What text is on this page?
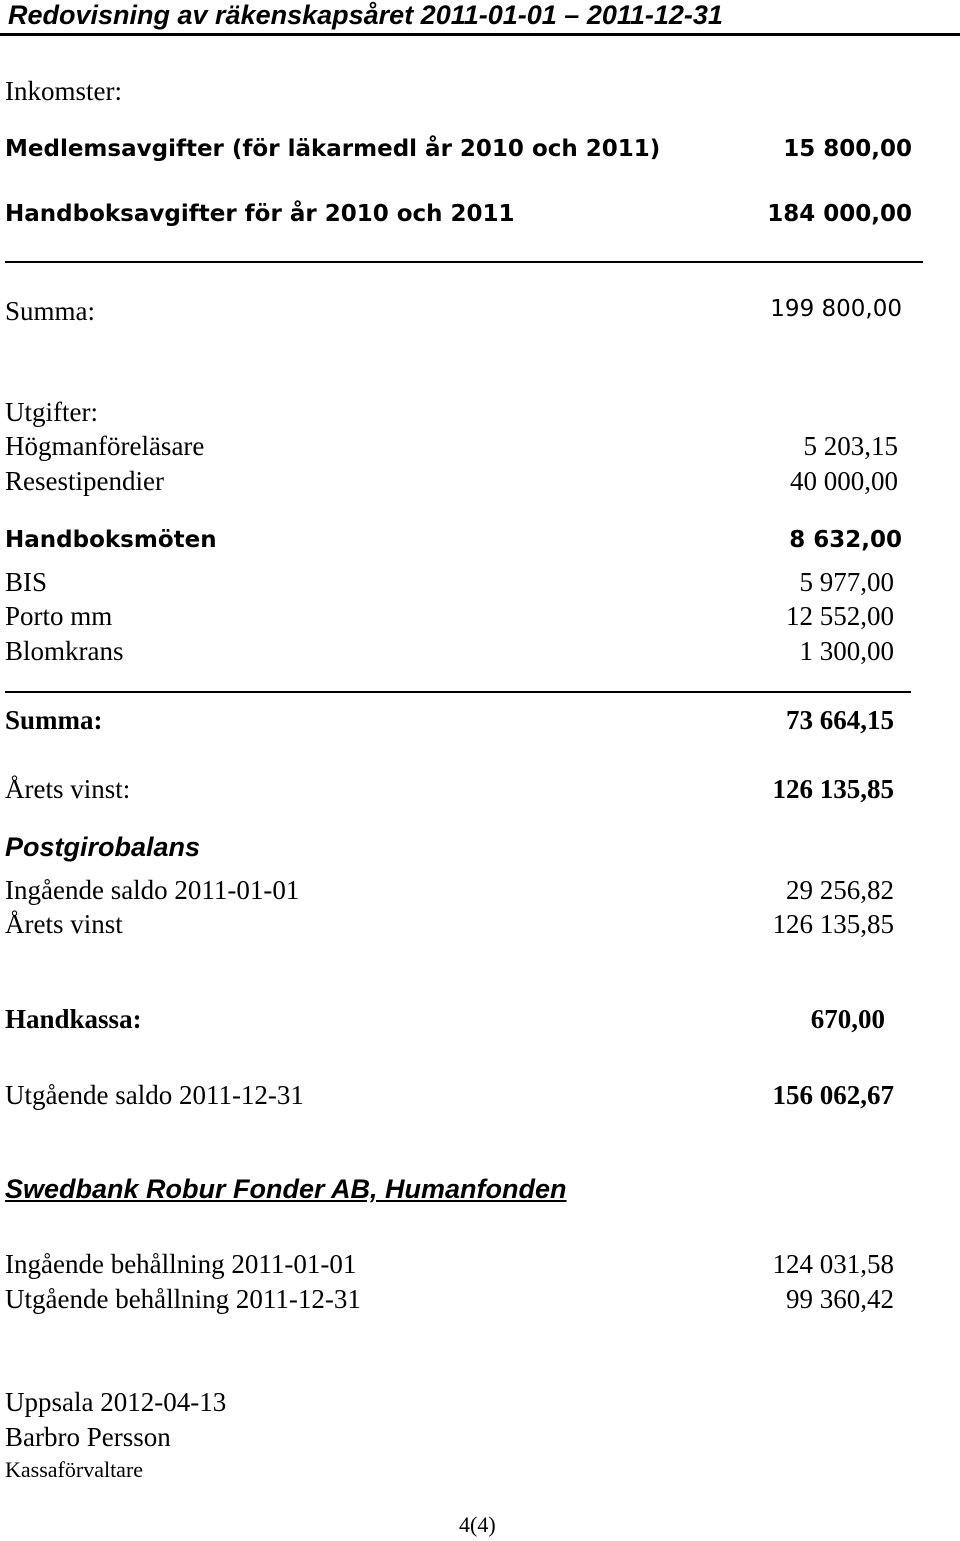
Redovisning av räkenskapsåret 2011-01-01 – 2011-12-31
Inkomster:
Medlemsavgifter (för läkarmedl år 2010 och 2011)	15 800,00
Handboksavgifter för år 2010 och 2011	184 000,00
Summa:	199 800,00
Utgifter:
Högmanföreläsare	5 203,15
Resestipendier	40 000,00
Handboksmöten	8 632,00
BIS	5 977,00
Porto mm	12 552,00
Blomkrans	1 300,00
Summa:	73 664,15
Årets vinst:	126 135,85
Postgirobalans
Ingående saldo 2011-01-01	29 256,82
Årets vinst	126 135,85
Handkassa:	670,00
Utgående saldo 2011-12-31	156 062,67
Swedbank Robur Fonder AB, Humanfonden
Ingående behållning 2011-01-01	124 031,58
Utgående behållning 2011-12-31	99 360,42
Uppsala 2012-04-13
Barbro Persson
Kassaförvaltare
4(4)
